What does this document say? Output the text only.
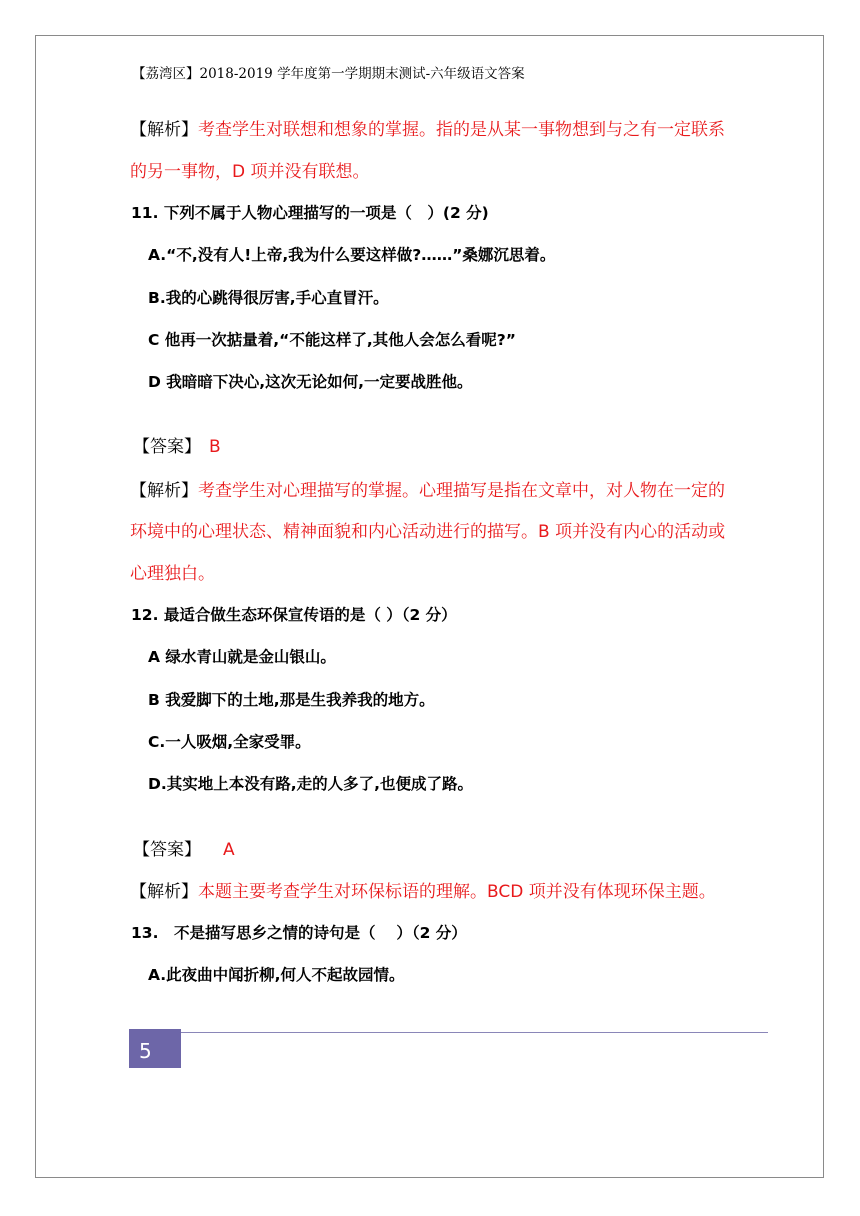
【荔湾区】2018-2019 学年度第一学期期末测试-六年级语文答案
【解析】考查学生对联想和想象的掌握。指的是从某一事物想到与之有一定联系
的另一事物，D 项并没有联想。
11. 下列不属于人物心理描写的一项是（　）(2 分)
A.“不,没有人!上帝,我为什么要这样做?……”桑娜沉思着。
B.我的心跳得很厉害,手心直冒汗。
C 他再一次掂量着,“不能这样了,其他人会怎么看呢?”
D 我暗暗下决心,这次无论如何,一定要战胜他。
【答案】 B
【解析】考查学生对心理描写的掌握。心理描写是指在文章中，对人物在一定的
环境中的心理状态、精神面貌和内心活动进行的描写。B 项并没有内心的活动或
心理独白。
12. 最适合做生态环保宣传语的是（ ）（2 分）
A 绿水青山就是金山银山。
B 我爱脚下的土地,那是生我养我的地方。
C.一人吸烟,全家受罪。
D.其实地上本没有路,走的人多了,也便成了路。
【答案】 A
【解析】本题主要考查学生对环保标语的理解。BCD 项并没有体现环保主题。
13.　不是描写思乡之情的诗句是（　 ）（2 分）
A.此夜曲中闻折柳,何人不起故园情。
5
